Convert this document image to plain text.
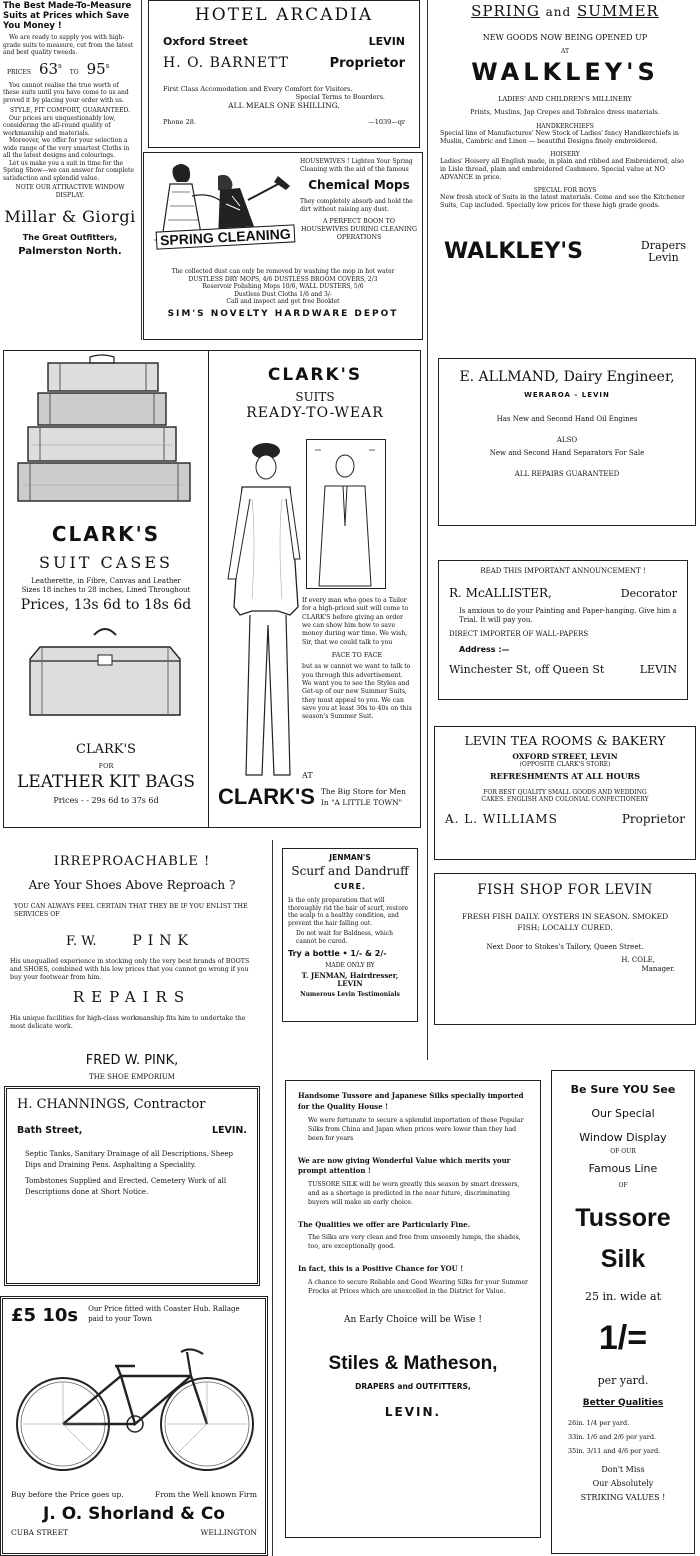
The Best Made-To-Measure Suits at Prices which Save You Money !

We are ready to supply you with high-grade suits to measure, cut from the latest and best quality tweeds.

PRICES 63$^s$
TO 95$^s$

You cannot realise the true worth of these suits until you have come to us and proved it by placing your order with us.

STYLE, FIT COMFORT, GUARANTEED.

Our prices are unquestionably low, considering the all-round quality of workmanship and materials.

Moreover, we offer for your selection a wide range of the very smartest Cloths in all the latest designs and colourings.

Let us make you a suit in time for the Spring Show—we can answer for complete satisfaction and splendid value.

NOTE OUR ATTRACTIVE WINDOW DISPLAY.

Millar & Giorgi

The Great Outfitters,

Palmerston North.

HOTEL ARCADIA

Oxford Street	LEVIN
H. O. BARNETT	Proprietor

First Class Accomodation and Every Comfort for Visitors.

Special Terms to Boarders.

ALL MEALS ONE SHILLING.

Phone 28.	—1039—qr
SPRING CLEANING

HOUSEWIVES ! Lighten Your Spring Cleaning with the aid of the famous

Chemical Mops

They completely absorb and hold the dirt without raising any dust.

A PERFECT BOON TO HOUSEWIVES DURING CLEANING OPERATIONS

The collected dust can only be removed by washing the mop in hot water

DUSTLESS DRY MOPS, 4/6 DUSTLESS BROOM COVERS, 2/3

Reservoir Polishing Mops 10/6, WALL DUSTERS, 5/6

Dustless Dust Cloths 1/6 and 3/-

Call and inspect and get free Booklet

SIM'S NOVELTY HARDWARE DEPOT

SPRING and SUMMER

NEW GOODS NOW BEING OPENED UP

AT

WALKLEY'S

LADIES' AND CHILDREN'S MILLINERY

Prints, Muslins, Jap Crepes and Tobralco dress materials.

HANDKERCHIEFS

Special line of Manufactures' New Stock of Ladies' fancy Handkerchiefs in Muslin, Cambric and Linen — beautiful Designs finely embroidered.

HOISERY

Ladies' Hoisery all English made, in plain and ribbed and Embroidered, also in Lisle thread, plain and embroidered Cashmere. Special value at NO ADVANCE in price.

SPECIAL FOR BOYS

New fresh stock of Suits in the latest materials. Come and see the Kitchener Suits, Cap included. Specially low prices for these high grade goods.

WALKLEY'S	Drapers
Levin

CLARK'S

SUIT CASES

Leatherette, in Fibre, Canvas and Leather

Sizes 18 inches to 28 inches, Lined Throughout

Prices, 13s 6d to 18s 6d

CLARK'S

FOR

LEATHER KIT BAGS

Prices - - 29s 6d to 37s 6d

CLARK'S

SUITS

READY-TO-WEAR

If every man who goes to a Tailor for a high-priced suit will come to CLARK'S before giving an order we can show him how to save money during war time. We wish, Sir, that we could talk to you

FACE TO FACE

but as w cannot we want to talk to you through this advertisement. We want you to see the Styles and Get-up of our new Summer Suits, they must appeal to you. We can save you at least 30s to 40s on this season's Summer Suit.

AT

CLARK'S The Big Store for Men
In "A LITTLE TOWN"

E. ALLMAND, Dairy Engineer,

WERAROA - LEVIN

Has New and Second Hand Oil Engines

ALSO

New and Second Hand Separators For Sale

ALL REPAIRS GUARANTEED

READ THIS IMPORTANT ANNOUNCEMENT !

R. McALLISTER,	Decorator

Is anxious to do your Painting and Paper-hanging. Give him a Trial. It will pay you.

DIRECT IMPORTER OF WALL-PAPERS

Address :—

Winchester St, off Queen St	LEVIN

LEVIN TEA ROOMS & BAKERY

OXFORD STREET, LEVIN

(OPPOSITE CLARK'S STORE)

REFRESHMENTS AT ALL HOURS

FOR BEST QUALITY SMALL GOODS AND WEDDING CAKES. ENGLISH AND COLONIAL CONFECTIONERY

A. L. WILLIAMS	Proprietor

FISH SHOP FOR LEVIN

FRESH FISH DAILY. OYSTERS IN SEASON. SMOKED FISH; LOCALLY CURED.

Next Door to Stokes's Tailory, Queen Street.

H. COLE,

Manager.

IRREPROACHABLE !

Are Your Shoes Above Reproach ?

YOU CAN ALWAYS FEEL CERTAIN THAT THEY BE IF YOU ENLIST THE SERVICES OF

F. W.	PINK

His unequalled experience in stocking only the very best brands of BOOTS and SHOES, combined with his low prices that you cannot go wrong if you buy your footwear from him.

REPAIRS

His unique facilities for high-class workmanship fits him to undertake the most delicate work.

FRED W. PINK,

THE SHOE EMPORIUM

JENMAN'S

Scurf and Dandruff

CURE.

Is the only preparation that will thoroughly rid the hair of scurf, restore the scalp to a healthy condition, and prevent the hair falling out.

Do not wait for Baldness, which cannot be cured.

Try a bottle • 1/- & 2/-

MADE ONLY BY

T. JENMAN, Hairdresser, LEVIN

Numerous Levin Testimonials

H. CHANNINGS, Contractor

Bath Street,	LEVIN.

Septic Tanks, Sanitary Drainage of all Descriptions. Sheep Dips and Draining Pens. Asphalting a Speciality.

Tombstones Supplied and Erected. Cemetery Work of all Descriptions done at Short Notice.

£5 10s Our Price fitted with Coaster Hub. Rallage paid to your Town
Buy before the Price goes up.	From the Well known Firm

J. O. Shorland & Co

CUBA STREET	WELLINGTON

Handsome Tussore and Japanese Silks specially imported for the Quality House !

We were fortunate to secure a splendid importation of these Popular Silks from China and Japan when prices were lower than they had been for years

We are now giving Wonderful Value which merits your prompt attention !

TUSSORE SILK will be worn greatly this season by smart dressers, and as a shortage is predicted in the near future, discriminating buyers will make an early choice.

The Qualities we offer are Particularly Fine.

The Silks are very clean and free from unseemly lumps, the shades, too, are exceptionally good.

In fact, this is a Positive Chance for YOU !

A chance to secure Reliable and Good Wearing Silks for your Summer Frocks at Prices which are unexcelled in the District for Value.

An Early Choice will be Wise !

Stiles & Matheson,

DRAPERS and OUTFITTERS,

LEVIN.

Be Sure YOU See

Our Special

Window Display

OF OUR

Famous Line

OF

Tussore

Silk

25 in. wide at

1/=

per yard.

Better Qualities

26in. 1/4 per yard.

33in. 1/6 and 2/6 per yard.

35in. 3/11 and 4/6 per yard.

Don't Miss

Our Absolutely

STRIKING VALUES !
